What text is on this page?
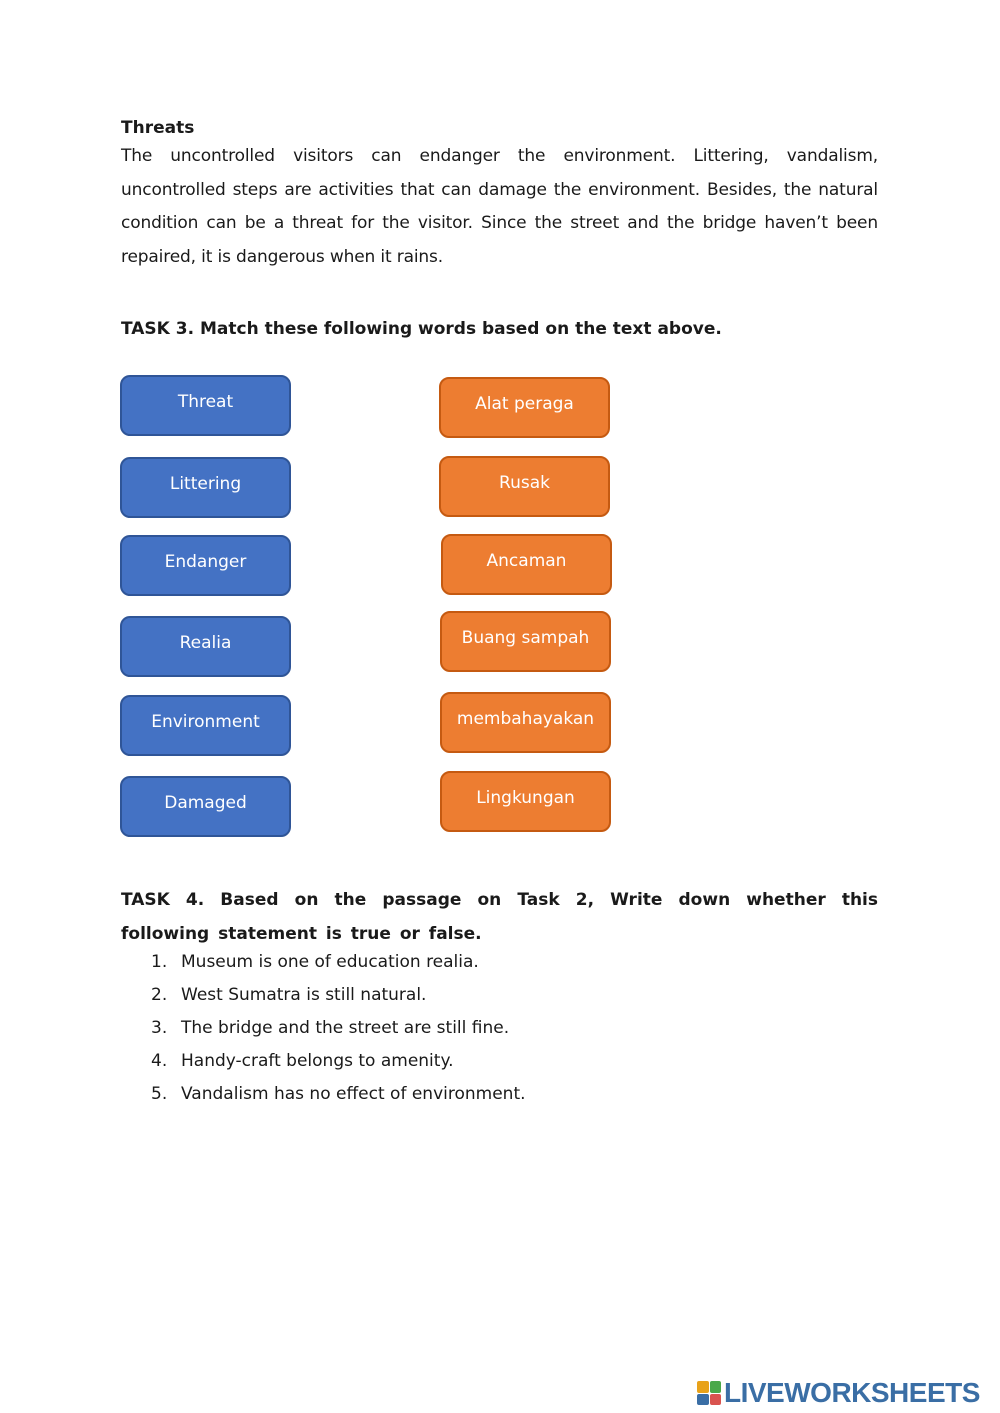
Threats
The uncontrolled visitors can endanger the environment. Littering, vandalism, uncontrolled steps are activities that can damage the environment. Besides, the natural condition can be a threat for the visitor. Since the street and the bridge haven’t been repaired, it is dangerous when it rains.
TASK 3. Match these following words based on the text above.
Threat
Littering
Endanger
Realia
Environment
Damaged
Alat peraga
Rusak
Ancaman
Buang sampah
membahayakan
Lingkungan
TASK 4. Based on the passage on Task 2, Write down whether this following statement is true or false.
1. Museum is one of education realia.
2. West Sumatra is still natural.
3. The bridge and the street are still fine.
4. Handy-craft belongs to amenity.
5. Vandalism has no effect of environment.
LIVEWORKSHEETS
